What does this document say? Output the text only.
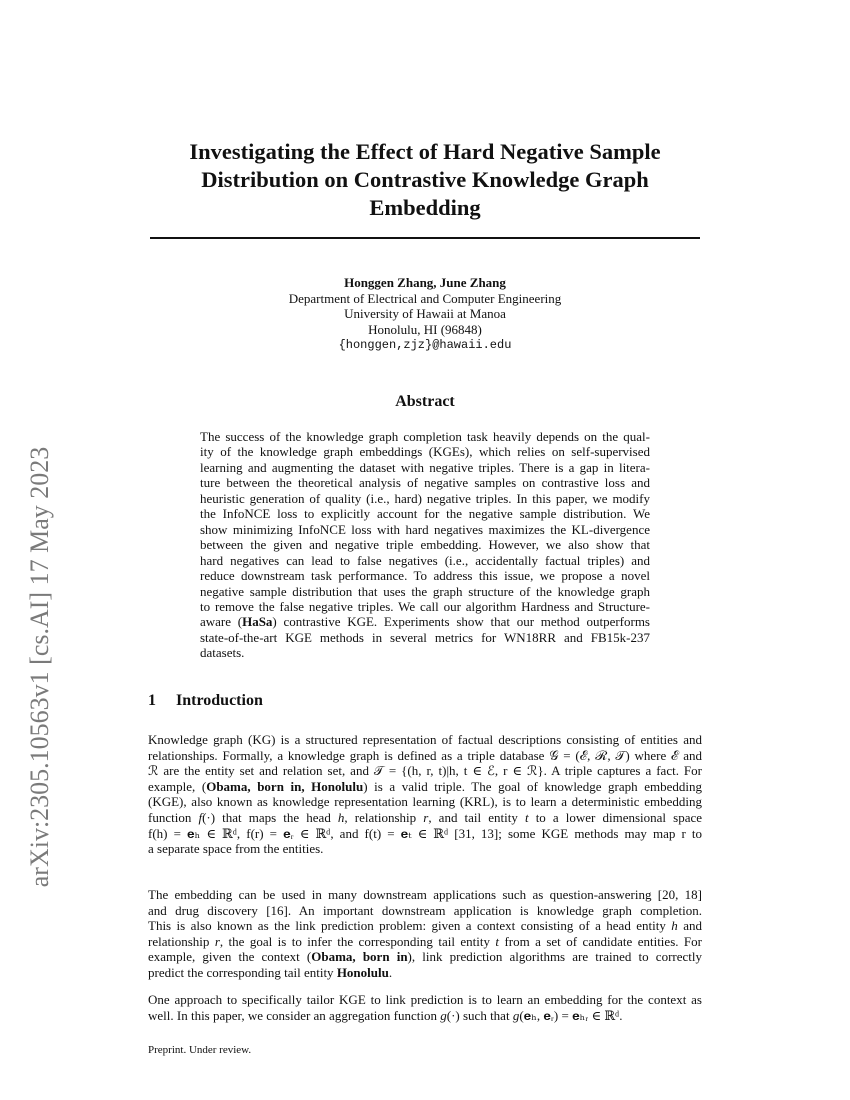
arXiv:2305.10563v1 [cs.AI] 17 May 2023
Investigating the Effect of Hard Negative Sample
Distribution on Contrastive Knowledge Graph
Embedding
Honggen Zhang, June Zhang
Department of Electrical and Computer Engineering
University of Hawaii at Manoa
Honolulu, HI (96848)
{honggen,zjz}@hawaii.edu
Abstract
The success of the knowledge graph completion task heavily depends on the qual-
ity of the knowledge graph embeddings (KGEs), which relies on self-supervised
learning and augmenting the dataset with negative triples. There is a gap in litera-
ture between the theoretical analysis of negative samples on contrastive loss and
heuristic generation of quality (i.e., hard) negative triples. In this paper, we modify
the InfoNCE loss to explicitly account for the negative sample distribution. We
show minimizing InfoNCE loss with hard negatives maximizes the KL-divergence
between the given and negative triple embedding. However, we also show that
hard negatives can lead to false negatives (i.e., accidentally factual triples) and
reduce downstream task performance. To address this issue, we propose a novel
negative sample distribution that uses the graph structure of the knowledge graph
to remove the false negative triples. We call our algorithm Hardness and Structure-
aware (HaSa) contrastive KGE. Experiments show that our method outperforms
state-of-the-art KGE methods in several metrics for WN18RR and FB15k-237
datasets.
1 Introduction
Knowledge graph (KG) is a structured representation of factual descriptions consisting of entities and
relationships. Formally, a knowledge graph is defined as a triple database 𝒢 = (ℰ, ℛ, 𝒯) where ℰ and
ℛ are the entity set and relation set, and 𝒯 = {(h, r, t)|h, t ∈ ℰ, r ∈ ℛ}. A triple captures a fact. For
example, (Obama, born in, Honolulu) is a valid triple. The goal of knowledge graph embedding
(KGE), also known as knowledge representation learning (KRL), is to learn a deterministic embedding
function f(·) that maps the head h, relationship r, and tail entity t to a lower dimensional space
f(h) = 𝐞ₕ ∈ ℝᵈ, f(r) = 𝐞ᵣ ∈ ℝᵈ, and f(t) = 𝐞ₜ ∈ ℝᵈ [31, 13]; some KGE methods may map r to
a separate space from the entities.
The embedding can be used in many downstream applications such as question-answering [20, 18]
and drug discovery [16]. An important downstream application is knowledge graph completion.
This is also known as the link prediction problem: given a context consisting of a head entity h and
relationship r, the goal is to infer the corresponding tail entity t from a set of candidate entities. For
example, given the context (Obama, born in), link prediction algorithms are trained to correctly
predict the corresponding tail entity Honolulu.
One approach to specifically tailor KGE to link prediction is to learn an embedding for the context as
well. In this paper, we consider an aggregation function g(·) such that g(𝐞ₕ, 𝐞ᵣ) = 𝐞ₕᵣ ∈ ℝᵈ.
Preprint. Under review.
